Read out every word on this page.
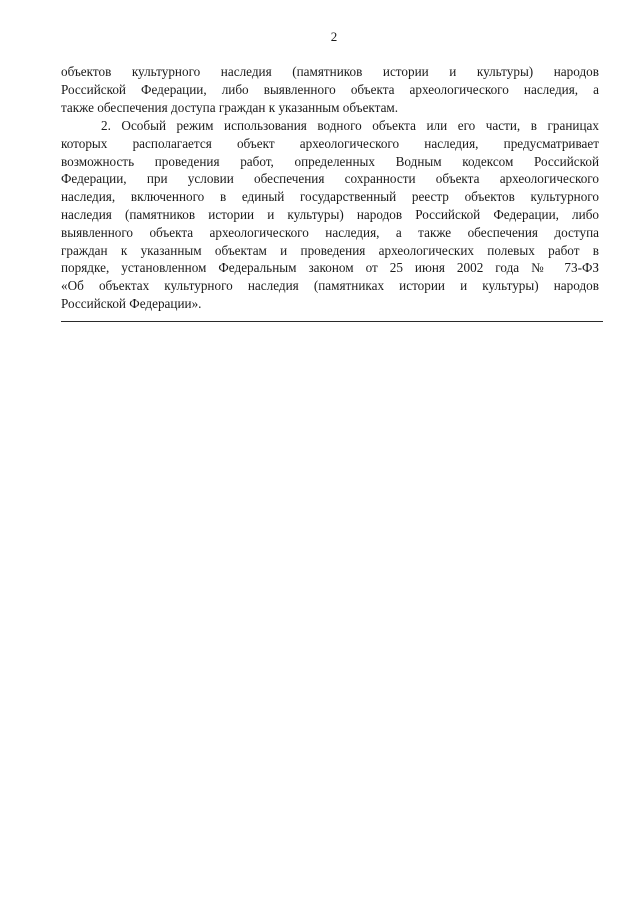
2
объектов культурного наследия (памятников истории и культуры) народов
Российской Федерации, либо выявленного объекта археологического наследия, а
также обеспечения доступа граждан к указанным объектам.
2. Особый режим использования водного объекта или его части, в границах
которых располагается объект археологического наследия, предусматривает
возможность проведения работ, определенных Водным кодексом Российской
Федерации, при условии обеспечения сохранности объекта археологического
наследия, включенного в единый государственный реестр объектов культурного
наследия (памятников истории и культуры) народов Российской Федерации, либо
выявленного объекта археологического наследия, а также обеспечения доступа
граждан к указанным объектам и проведения археологических полевых работ в
порядке, установленном Федеральным законом от 25 июня 2002 года № 73-ФЗ
«Об объектах культурного наследия (памятниках истории и культуры) народов
Российской Федерации».
